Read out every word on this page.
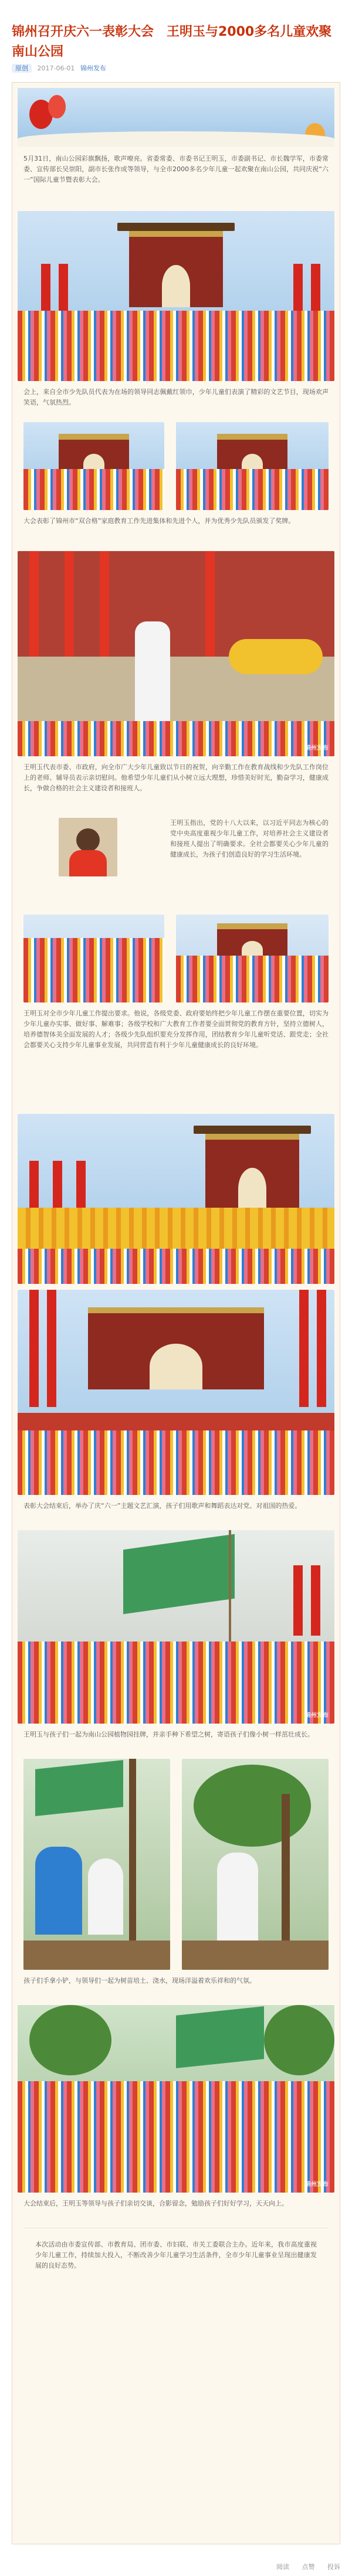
锦州召开庆六一表彰大会　王明玉与2000多名儿童欢聚南山公园
原创 2017-06-01 锦州发布
5月31日，南山公园彩旗飘扬，歌声嘹亮。省委常委、市委书记王明玉，市委副书记、市长魏学军，市委常委、宣传部长吴崇阳，副市长张作成等领导，与全市2000多名少年儿童一起欢聚在南山公园，共同庆祝“六一”国际儿童节暨表彰大会。
会上，来自全市少先队员代表为在场的领导同志佩戴红领巾，少年儿童们表演了精彩的文艺节目，现场欢声笑语，气氛热烈。
大会表彰了锦州市“双合格”家庭教育工作先进集体和先进个人，并为优秀少先队员颁发了奖牌。
锦州发布
王明玉代表市委、市政府，向全市广大少年儿童致以节日的祝贺，向辛勤工作在教育战线和少先队工作岗位上的老师、辅导员表示亲切慰问。他希望少年儿童们从小树立远大理想，珍惜美好时光，勤奋学习，健康成长，争做合格的社会主义建设者和接班人。
王明玉指出，党的十八大以来，以习近平同志为核心的党中央高度重视少年儿童工作，对培养社会主义建设者和接班人提出了明确要求。全社会都要关心少年儿童的健康成长，为孩子们创造良好的学习生活环境。
王明玉对全市少年儿童工作提出要求。他说，各级党委、政府要始终把少年儿童工作摆在重要位置，切实为少年儿童办实事、做好事、解难事；各级学校和广大教育工作者要全面贯彻党的教育方针，坚持立德树人，培养德智体美全面发展的人才；各级少先队组织要充分发挥作用，团结教育少年儿童听党话、跟党走；全社会都要关心支持少年儿童事业发展，共同营造有利于少年儿童健康成长的良好环境。
表彰大会结束后，举办了庆“六一”主题文艺汇演，孩子们用歌声和舞蹈表达对党、对祖国的热爱。
锦州发布
王明玉与孩子们一起为南山公园植物园挂牌，并亲手种下希望之树，寄语孩子们像小树一样茁壮成长。
孩子们手拿小铲，与领导们一起为树苗培土、浇水，现场洋溢着欢乐祥和的气氛。
锦州发布
大会结束后，王明玉等领导与孩子们亲切交谈，合影留念，勉励孩子们好好学习，天天向上。
本次活动由市委宣传部、市教育局、团市委、市妇联、市关工委联合主办。近年来，我市高度重视少年儿童工作，持续加大投入，不断改善少年儿童学习生活条件，全市少年儿童事业呈现出健康发展的良好态势。
阅读 点赞 投诉
